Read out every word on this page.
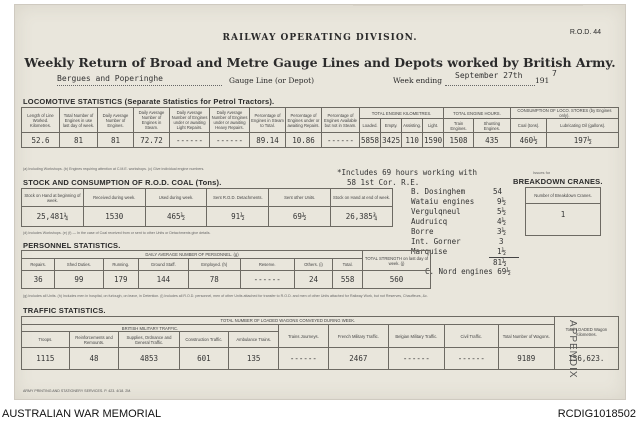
R.O.D. 44
RAILWAY OPERATING DIVISION.
Weekly Return of Broad and Metre Gauge Lines and Depots worked by British Army.
Bergues and Poperinghe	Gauge Line (or Depot)	Week ending
September 27th
191
7
LOCOMOTIVE STATISTICS (Separate Statistics for Petrol Tractors).
Length of Line Worked. Kilometres.	Total Number of Engines in use last day of week.	Daily Average Number of Engines.	Daily Average Number of Engines in Steam.	Daily Average Number of Engines under or awaiting Light Repairs.	Daily Average Number of Engines under or awaiting Heavy Repairs.	Percentage of Engines in Steam to Total.	Percentage of Engines under or awaiting Repairs.	Percentage of Engines Available but not in Steam.	TOTAL ENGINE KILOMETRES.				TOTAL ENGINE HOURS.		CONSUMPTION OF LOCO. STORES (by Engines only).	
									Loaded.	Empty.	Assisting.	Light.	Train Engines.	Shunting Engines.	Coal (tons).	Lubricating Oil (gallons).
52.6	81	81	72.72	------	------	89.14	10.86	------	5858	3425	110	1590	1508	435	460½	197½
(a) Including Workshops. (b) Engines requiring attention at C.M.E. workshops. (c) Give individual engine numbers.
STOCK AND CONSUMPTION OF R.O.D. COAL (Tons).
Stock on Hand at beginning of week.	Received during week.	Used during week.	Sent R.O.D. Detachments.	Sent other Units.	Stock on Hand at end of week.
25,481¼	1530	465½	91½	69½	26,385¾
(d) Includes Workshops. (e) (f) — In the case of Coal received from or sent to other Units or Detachments give details.
*Includes 69 hours working with
58 1st Cor. R.E.
B. Dosinghem	54
Wataiu engines	9½
Vergulqneul	5½
Audruicq	4½
Borre	3½
Int. Gorner	3
Marquise	1½
81½
C. Nord engines 69½
Issues for
BREAKDOWN CRANES.
Number of Breakdown Cranes.
1
PERSONNEL STATISTICS.
DAILY AVERAGE NUMBER OF PERSONNEL. (g)								TOTAL STRENGTH on last day of week. (j)
Repairs.	Shed Duties.	Running.	Ground Staff.	Employed. (h)	Reserve.	Others. (i)	Total.	
36	99	179	144	78	------	24	558	560
(g) Includes all Units. (h) Includes men in hospital, on furlough, on leave, in Detention. (i) Includes all R.O.D. personnel, men of other Units attached for transfer to R.O.D. and men of other Units attached for Railway Work, but not Reserves, Chauffeurs, &c.
TRAFFIC STATISTICS.
TOTAL NUMBER OF LOADED WAGONS CONVEYED DURING WEEK.										Total LOADED Wagon Kilometres.
BRITISH MILITARY TRAFFIC.					Trains Journeys.	French Military Traffic.	Belgian Military Traffic.	Civil Traffic.	Total Number of Wagons.	
Troops.	Reinforcements and Remounts.	Supplies, Ordnance and General Traffic.	Construction Traffic.	Ambulance Trains.						
1115	48	4853	601	135	------	2467	------	------	9189	156,623.
ARMY PRINTING AND STATIONERY SERVICES. P. 423. 4/18. 2M.
APPENDIX
AUSTRALIAN WAR MEMORIAL	RCDIG1018502
